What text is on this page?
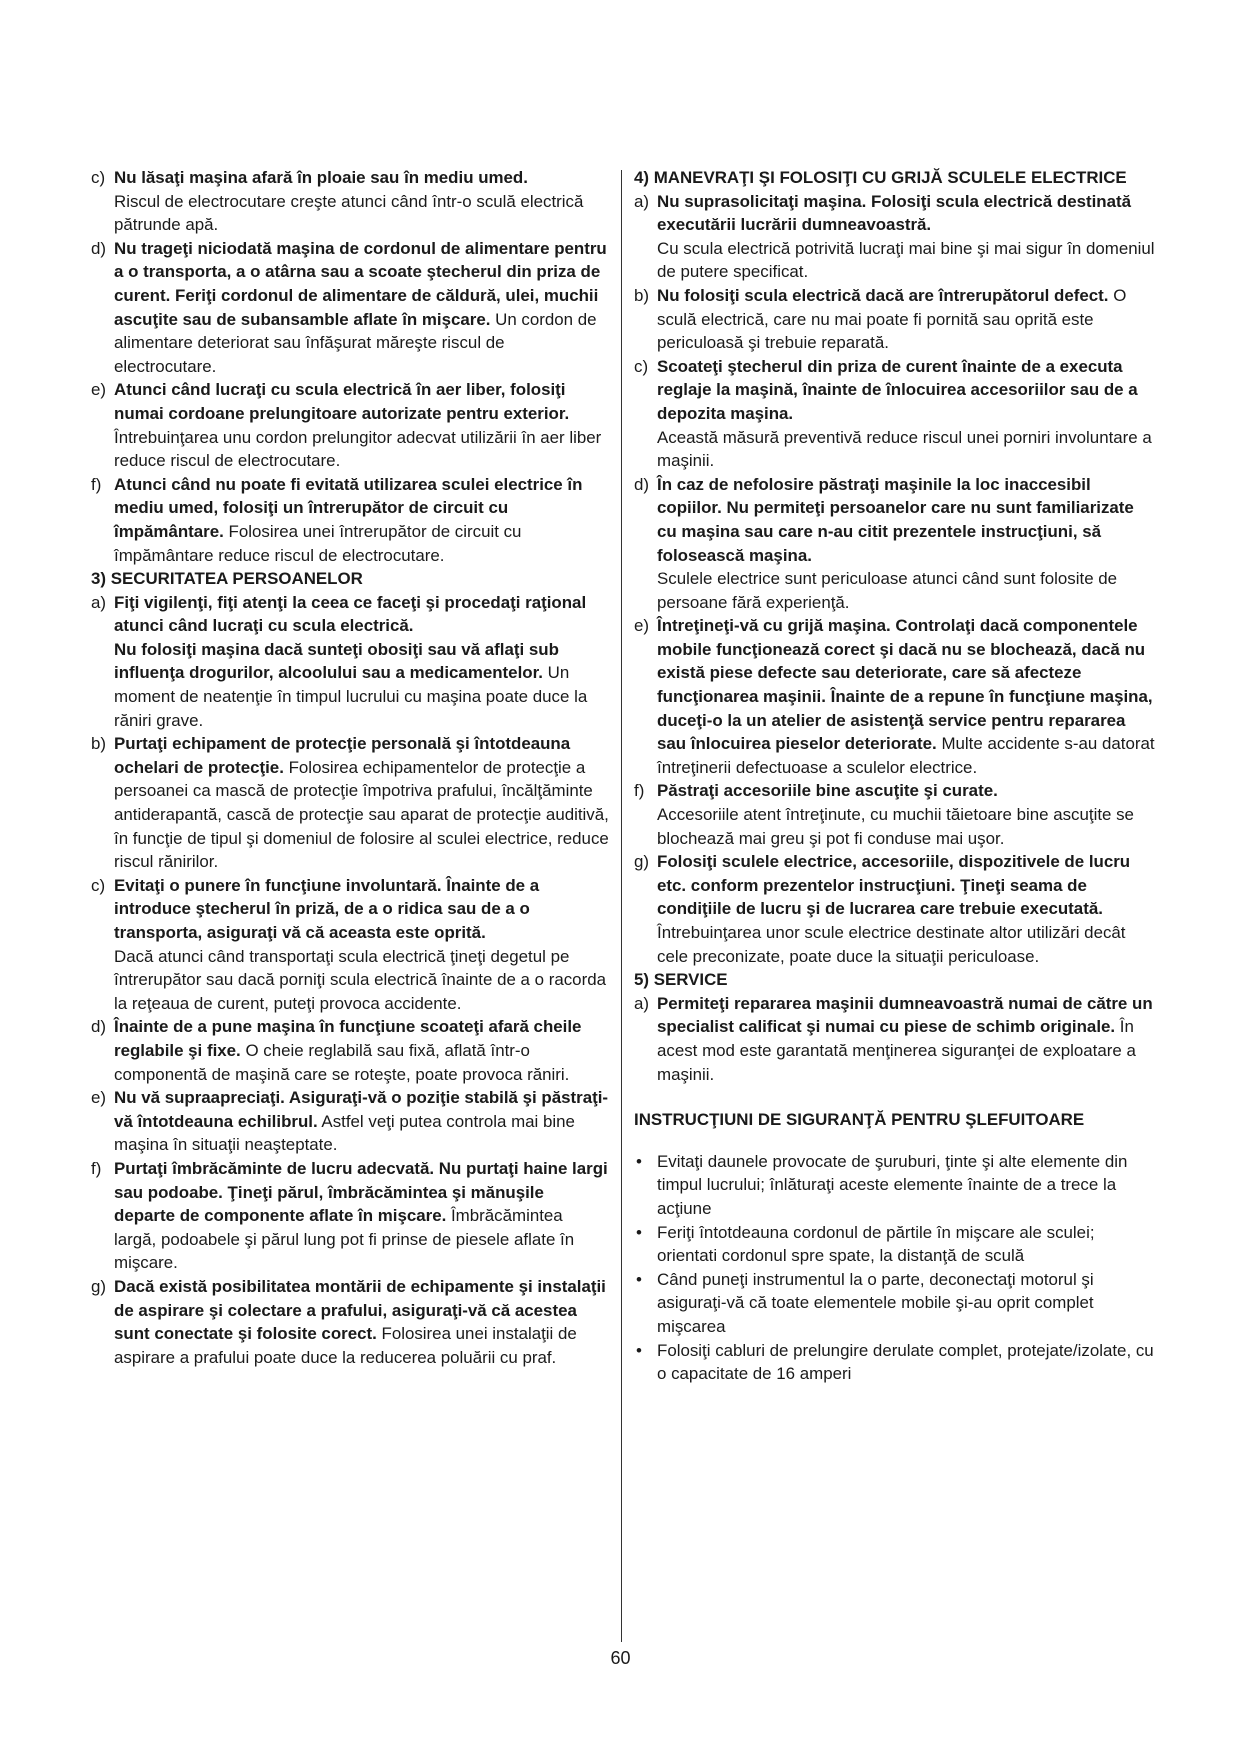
c) Nu lăsaţi maşina afară în ploaie sau în mediu umed.
Riscul de electrocutare creşte atunci când într-o sculă electrică pătrunde apă.
d) Nu trageţi niciodată maşina de cordonul de alimentare pentru a o transporta, a o atârna sau a scoate ştecherul din priza de curent. Feriţi cordonul de alimentare de căldură, ulei, muchii ascuţite sau de subansamble aflate în mişcare. Un cordon de alimentare deteriorat sau înfăşurat măreşte riscul de electrocutare.
e) Atunci când lucraţi cu scula electrică în aer liber, folosiţi numai cordoane prelungitoare autorizate pentru exterior. Întrebuinţarea unu cordon prelungitor adecvat utilizării în aer liber reduce riscul de electrocutare.
f) Atunci când nu poate fi evitată utilizarea sculei electrice în mediu umed, folosiţi un întrerupător de circuit cu împământare. Folosirea unei întrerupător de circuit cu împământare reduce riscul de electrocutare.
3) SECURITATEA PERSOANELOR
a) Fiţi vigilenţi, fiţi atenţi la ceea ce faceţi şi procedaţi raţional atunci când lucraţi cu scula electrică.
Nu folosiţi maşina dacă sunteţi obosiţi sau vă aflaţi sub influenţa drogurilor, alcoolului sau a medicamentelor. Un moment de neatenţie în timpul lucrului cu maşina poate duce la răniri grave.
b) Purtaţi echipament de protecţie personală şi întotdeauna ochelari de protecţie. Folosirea echipamentelor de protecţie a persoanei ca mască de protecţie împotriva prafului, încălţăminte antiderapantă, cască de protecţie sau aparat de protecţie auditivă, în funcţie de tipul şi domeniul de folosire al sculei electrice, reduce riscul rănirilor.
c) Evitaţi o punere în funcţiune involuntară. Înainte de a introduce ştecherul în priză, de a o ridica sau de a o transporta, asiguraţi vă că aceasta este oprită.
Dacă atunci când transportaţi scula electrică ţineţi degetul pe întrerupător sau dacă porniţi scula electrică înainte de a o racorda la reţeaua de curent, puteţi provoca accidente.
d) Înainte de a pune maşina în funcţiune scoateţi afară cheile reglabile şi fixe. O cheie reglabilă sau fixă, aflată într-o componentă de maşină care se roteşte, poate provoca răniri.
e) Nu vă supraapreciaţi. Asiguraţi-vă o poziţie stabilă şi păstraţi-vă întotdeauna echilibrul. Astfel veţi putea controla mai bine maşina în situaţii neaşteptate.
f) Purtaţi îmbrăcăminte de lucru adecvată. Nu purtaţi haine largi sau podoabe. Ţineţi părul, îmbrăcămintea şi mănuşile departe de componente aflate în mişcare. Îmbrăcămintea largă, podoabele şi părul lung pot fi prinse de piesele aflate în mişcare.
g) Dacă există posibilitatea montării de echipamente şi instalaţii de aspirare şi colectare a prafului, asiguraţi-vă că acestea sunt conectate şi folosite corect. Folosirea unei instalaţii de aspirare a prafului poate duce la reducerea poluării cu praf.
4) MANEVRAŢI ŞI FOLOSIŢI CU GRIJĂ SCULELE ELECTRICE
a) Nu suprasolicitaţi maşina. Folosiţi scula electrică destinată executării lucrării dumneavoastră.
Cu scula electrică potrivită lucraţi mai bine şi mai sigur în domeniul de putere specificat.
b) Nu folosiţi scula electrică dacă are întrerupătorul defect. O sculă electrică, care nu mai poate fi pornită sau oprită este periculoasă şi trebuie reparată.
c) Scoateţi ştecherul din priza de curent înainte de a executa reglaje la maşină, înainte de înlocuirea accesoriilor sau de a depozita maşina.
Această măsură preventivă reduce riscul unei porniri involuntare a maşinii.
d) În caz de nefolosire păstraţi maşinile la loc inaccesibil copiilor. Nu permiteţi persoanelor care nu sunt familiarizate cu maşina sau care n-au citit prezentele instrucţiuni, să folosească maşina.
Sculele electrice sunt periculoase atunci când sunt folosite de persoane fără experienţă.
e) Întreţineţi-vă cu grijă maşina. Controlaţi dacă componentele mobile funcţionează corect şi dacă nu se blochează, dacă nu există piese defecte sau deteriorate, care să afecteze funcţionarea maşinii. Înainte de a repune în funcţiune maşina, duceţi-o la un atelier de asistenţă service pentru repararea sau înlocuirea pieselor deteriorate. Multe accidente s-au datorat întreţinerii defectuoase a sculelor electrice.
f) Păstraţi accesoriile bine ascuţite şi curate.
Accesoriile atent întreţinute, cu muchii tăietoare bine ascuţite se blochează mai greu şi pot fi conduse mai uşor.
g) Folosiţi sculele electrice, accesoriile, dispozitivele de lucru etc. conform prezentelor instrucţiuni. Ţineţi seama de condiţiile de lucru şi de lucrarea care trebuie executată. Întrebuinţarea unor scule electrice destinate altor utilizări decât cele preconizate, poate duce la situaţii periculoase.
5) SERVICE
a) Permiteţi repararea maşinii dumneavoastră numai de către un specialist calificat şi numai cu piese de schimb originale. În acest mod este garantată menţinerea siguranţei de exploatare a maşinii.
INSTRUCŢIUNI DE SIGURANŢĂ PENTRU ŞLEFUITOARE
• Evitaţi daunele provocate de şuruburi, ţinte şi alte elemente din timpul lucrului; înlăturaţi aceste elemente înainte de a trece la acţiune
• Feriţi întotdeauna cordonul de părtile în mişcare ale sculei; orientati cordonul spre spate, la distanţă de sculă
• Când puneţi instrumentul la o parte, deconectaţi motorul şi asiguraţi-vă că toate elementele mobile şi-au oprit complet mişcarea
• Folosiţi cabluri de prelungire derulate complet, protejate/izolate, cu o capacitate de 16 amperi
60
